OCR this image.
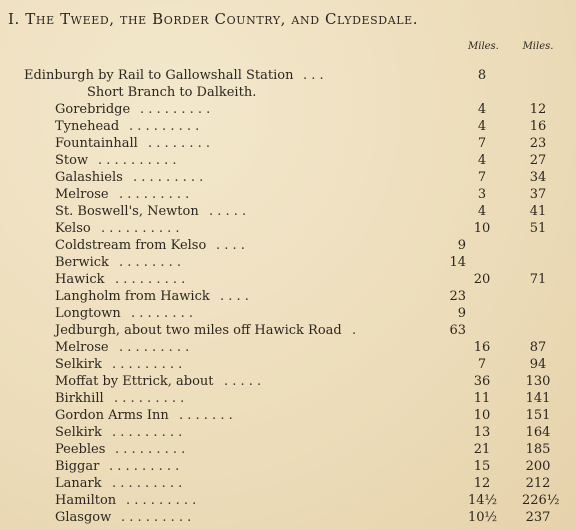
I. The Tweed, the Border Country, and Clydesdale.
Miles. Miles.
Edinburgh by Rail to Gallowshall Station . . .	8
Short Branch to Dalkeith.
Gorebridge . . . . . . . . .	4	12
Tynehead . . . . . . . . .	4	16
Fountainhall . . . . . . . .	7	23
Stow . . . . . . . . . .	4	27
Galashiels . . . . . . . . .	7	34
Melrose . . . . . . . . .	3	37
St. Boswell's, Newton . . . . .	4	41
Kelso . . . . . . . . . .	10	51
Coldstream from Kelso . . . .	9
Berwick . . . . . . . .	14
Hawick . . . . . . . . .	20	71
Langholm from Hawick . . . .	23
Longtown . . . . . . . .	9
Jedburgh, about two miles off Hawick Road .	63
Melrose . . . . . . . . .	16	87
Selkirk . . . . . . . . .	7	94
Moffat by Ettrick, about . . . . .	36	130
Birkhill . . . . . . . . .	11	141
Gordon Arms Inn . . . . . . .	10	151
Selkirk . . . . . . . . .	13	164
Peebles . . . . . . . . .	21	185
Biggar . . . . . . . . .	15	200
Lanark . . . . . . . . .	12	212
Hamilton . . . . . . . . .	14½ 226½
Glasgow . . . . . . . . .	10½ 237
